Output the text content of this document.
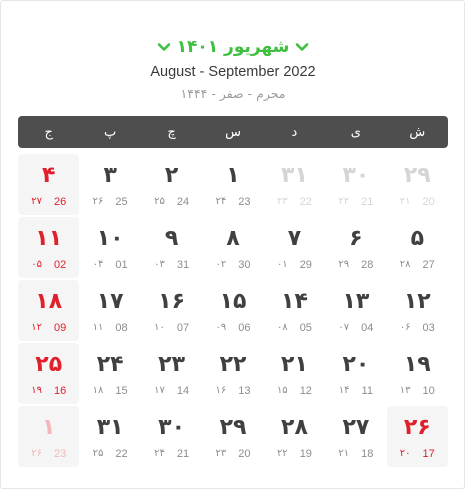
شهریور ۱۴۰۱
August - September 2022
محرم - صفر - ۱۴۴۴
ش
ی
د
س
چ
پ
ج
۲۹
۲۱ 20
۳۰
۲۲ 21
۳۱
۲۳ 22
۱
۲۴ 23
۲
۲۵ 24
۳
۲۶ 25
۴
۲۷ 26
۵
۲۸ 27
۶
۲۹ 28
۷
۰۱ 29
۸
۰۲ 30
۹
۰۳ 31
۱۰
۰۴ 01
۱۱
۰۵ 02
۱۲
۰۶ 03
۱۳
۰۷ 04
۱۴
۰۸ 05
۱۵
۰۹ 06
۱۶
۱۰ 07
۱۷
۱۱ 08
۱۸
۱۲ 09
۱۹
۱۳ 10
۲۰
۱۴ 11
۲۱
۱۵ 12
۲۲
۱۶ 13
۲۳
۱۷ 14
۲۴
۱۸ 15
۲۵
۱۹ 16
۲۶
۲۰ 17
۲۷
۲۱ 18
۲۸
۲۲ 19
۲۹
۲۳ 20
۳۰
۲۴ 21
۳۱
۲۵ 22
۱
۲۶ 23
